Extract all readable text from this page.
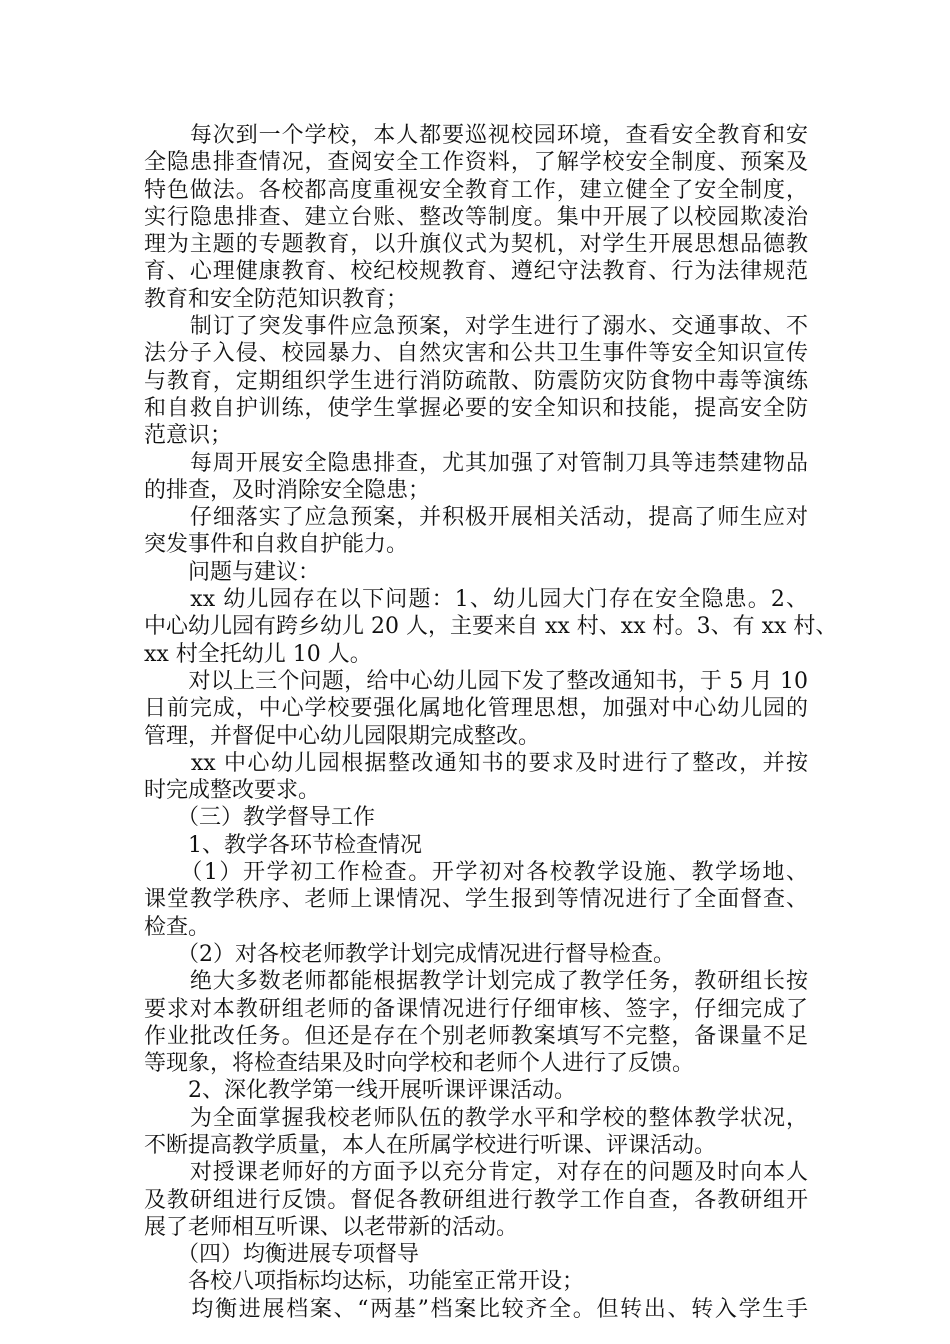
　　每次到一个学校，本人都要巡视校园环境，查看安全教育和安
全隐患排查情况，查阅安全工作资料，了解学校安全制度、预案及
特色做法。各校都高度重视安全教育工作，建立健全了安全制度，
实行隐患排查、建立台账、整改等制度。集中开展了以校园欺凌治
理为主题的专题教育，以升旗仪式为契机，对学生开展思想品德教
育、心理健康教育、校纪校规教育、遵纪守法教育、行为法律规范
教育和安全防范知识教育；
　　制订了突发事件应急预案，对学生进行了溺水、交通事故、不
法分子入侵、校园暴力、自然灾害和公共卫生事件等安全知识宣传
与教育，定期组织学生进行消防疏散、防震防灾防食物中毒等演练
和自救自护训练，使学生掌握必要的安全知识和技能，提高安全防
范意识；
　　每周开展安全隐患排查，尤其加强了对管制刀具等违禁建物品
的排查，及时消除安全隐患；
　　仔细落实了应急预案，并积极开展相关活动，提高了师生应对
突发事件和自救自护能力。
　　问题与建议：
　　xx 幼儿园存在以下问题：1、幼儿园大门存在安全隐患。2、
中心幼儿园有跨乡幼儿 20 人，主要来自 xx 村、xx 村。3、有 xx 村、
xx 村全托幼儿 10 人。
　　对以上三个问题，给中心幼儿园下发了整改通知书，于 5 月 10
日前完成，中心学校要强化属地化管理思想，加强对中心幼儿园的
管理，并督促中心幼儿园限期完成整改。
　　xx 中心幼儿园根据整改通知书的要求及时进行了整改，并按
时完成整改要求。
　　（三）教学督导工作
　　1、教学各环节检查情况
　　（1）开学初工作检查。开学初对各校教学设施、教学场地、
课堂教学秩序、老师上课情况、学生报到等情况进行了全面督查、
检查。
　　（2）对各校老师教学计划完成情况进行督导检查。
　　绝大多数老师都能根据教学计划完成了教学任务，教研组长按
要求对本教研组老师的备课情况进行仔细审核、签字，仔细完成了
作业批改任务。但还是存在个别老师教案填写不完整，备课量不足
等现象，将检查结果及时向学校和老师个人进行了反馈。
　　2、深化教学第一线开展听课评课活动。
　　为全面掌握我校老师队伍的教学水平和学校的整体教学状况，
不断提高教学质量，本人在所属学校进行听课、评课活动。
　　对授课老师好的方面予以充分肯定，对存在的问题及时向本人
及教研组进行反馈。督促各教研组进行教学工作自查，各教研组开
展了老师相互听课、以老带新的活动。
　　（四）均衡进展专项督导
　　各校八项指标均达标，功能室正常开设；
　　均衡进展档案、“两基”档案比较齐全。但转出、转入学生手
